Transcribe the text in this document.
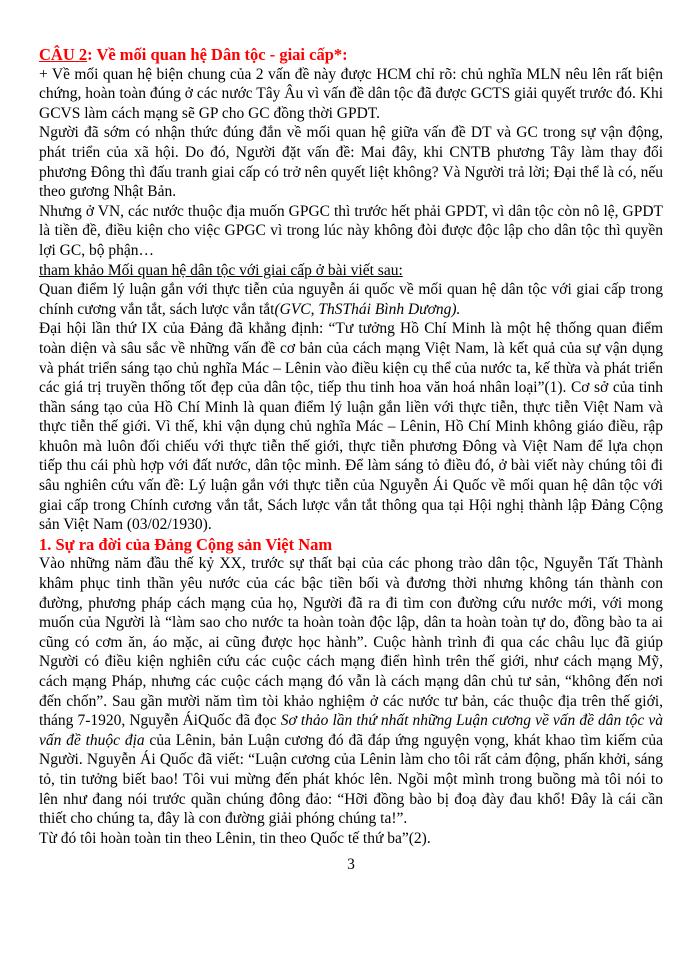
CÂU 2: Về mối quan hệ Dân tộc - giai cấp*:

+ Về mối quan hệ biện chung của 2 vấn đề này được HCM chỉ rõ: chủ nghĩa MLN nêu lên rất biện chứng, hoàn toàn đúng ở các nước Tây Âu vì vấn đề dân tộc đã được GCTS giải quyết trước đó. Khi GCVS làm cách mạng sẽ GP cho GC đồng thời GPDT.

Người đã sớm có nhận thức đúng đắn về mối quan hệ giữa vấn đề DT và GC trong sự vận động, phát triển của xã hội. Do đó, Người đặt vấn đề: Mai đây, khi CNTB phương Tây làm thay đổi phương Đông thì đấu tranh giai cấp có trở nên quyết liệt không? Và Người trả lời; Đại thể là có, nếu theo gương Nhật Bản.

Nhưng ở VN, các nước thuộc địa muốn GPGC thì trước hết phải GPDT, vì dân tộc còn nô lệ, GPDT là tiền đề, điều kiện cho việc GPGC vì trong lúc này không đòi được độc lập cho dân tộc thì quyền lợi GC, bộ phận…

tham khảo Mối quan hệ dân tộc với giai cấp ở bài viết sau:

Quan điểm lý luận gắn với thực tiễn của nguyễn ái quốc về mối quan hệ dân tộc với giai cấp trong chính cương vắn tắt, sách lược vắn tắt(GVC, ThSThái Bình Dương).

Đại hội lần thứ IX của Đảng đã khẳng định: “Tư tưởng Hồ Chí Minh là một hệ thống quan điểm toàn diện và sâu sắc về những vấn đề cơ bản của cách mạng Việt Nam, là kết quả của sự vận dụng và phát triển sáng tạo chủ nghĩa Mác – Lênin vào điều kiện cụ thể của nước ta, kế thừa và phát triển các giá trị truyền thống tốt đẹp của dân tộc, tiếp thu tinh hoa văn hoá nhân loại”(1). Cơ sở của tinh thần sáng tạo của Hồ Chí Minh là quan điểm lý luận gắn liền với thực tiễn, thực tiễn Việt Nam và thực tiễn thế giới. Vì thế, khi vận dụng chủ nghĩa Mác – Lênin, Hồ Chí Minh không giáo điều, rập khuôn mà luôn đối chiếu với thực tiễn thế giới, thực tiễn phương Đông và Việt Nam để lựa chọn tiếp thu cái phù hợp với đất nước, dân tộc mình. Để làm sáng tỏ điều đó, ở bài viết này chúng tôi đi sâu nghiên cứu vấn đề: Lý luận gắn với thực tiễn của Nguyễn Ái Quốc về mối quan hệ dân tộc với giai cấp trong Chính cương vắn tắt, Sách lược vắn tắt thông qua tại Hội nghị thành lập Đảng Cộng sản Việt Nam (03/02/1930).

1. Sự ra đời của Đảng Cộng sản Việt Nam

Vào những năm đầu thế kỷ XX, trước sự thất bại của các phong trào dân tộc, Nguyễn Tất Thành khâm phục tinh thần yêu nước của các bậc tiền bối và đương thời nhưng không tán thành con đường, phương pháp cách mạng của họ, Người đã ra đi tìm con đường cứu nước mới, với mong muốn của Người là “làm sao cho nước ta hoàn toàn độc lập, dân ta hoàn toàn tự do, đồng bào ta ai cũng có cơm ăn, áo mặc, ai cũng được học hành”. Cuộc hành trình đi qua các châu lục đã giúp Người có điều kiện nghiên cứu các cuộc cách mạng điển hình trên thế giới, như cách mạng Mỹ, cách mạng Pháp, nhưng các cuộc cách mạng đó vẫn là cách mạng dân chủ tư sản, “không đến nơi đến chốn”. Sau gần mười năm tìm tòi khảo nghiệm ở các nước tư bản, các thuộc địa trên thế giới, tháng 7-1920, Nguyễn ÁiQuốc đã đọc Sơ thảo lần thứ nhất những Luận cương về vấn đề dân tộc và vấn đề thuộc địa của Lênin, bản Luận cương đó đã đáp ứng nguyện vọng, khát khao tìm kiếm của Người. Nguyễn Ái Quốc đã viết: “Luận cương của Lênin làm cho tôi rất cảm động, phấn khởi, sáng tỏ, tin tưởng biết bao! Tôi vui mừng đến phát khóc lên. Ngồi một mình trong buồng mà tôi nói to lên như đang nói trước quần chúng đông đảo: “Hỡi đồng bào bị đoạ đày đau khổ! Đây là cái cần thiết cho chúng ta, đây là con đường giải phóng chúng ta!”.

Từ đó tôi hoàn toàn tin theo Lênin, tin theo Quốc tế thứ ba”(2).

3
